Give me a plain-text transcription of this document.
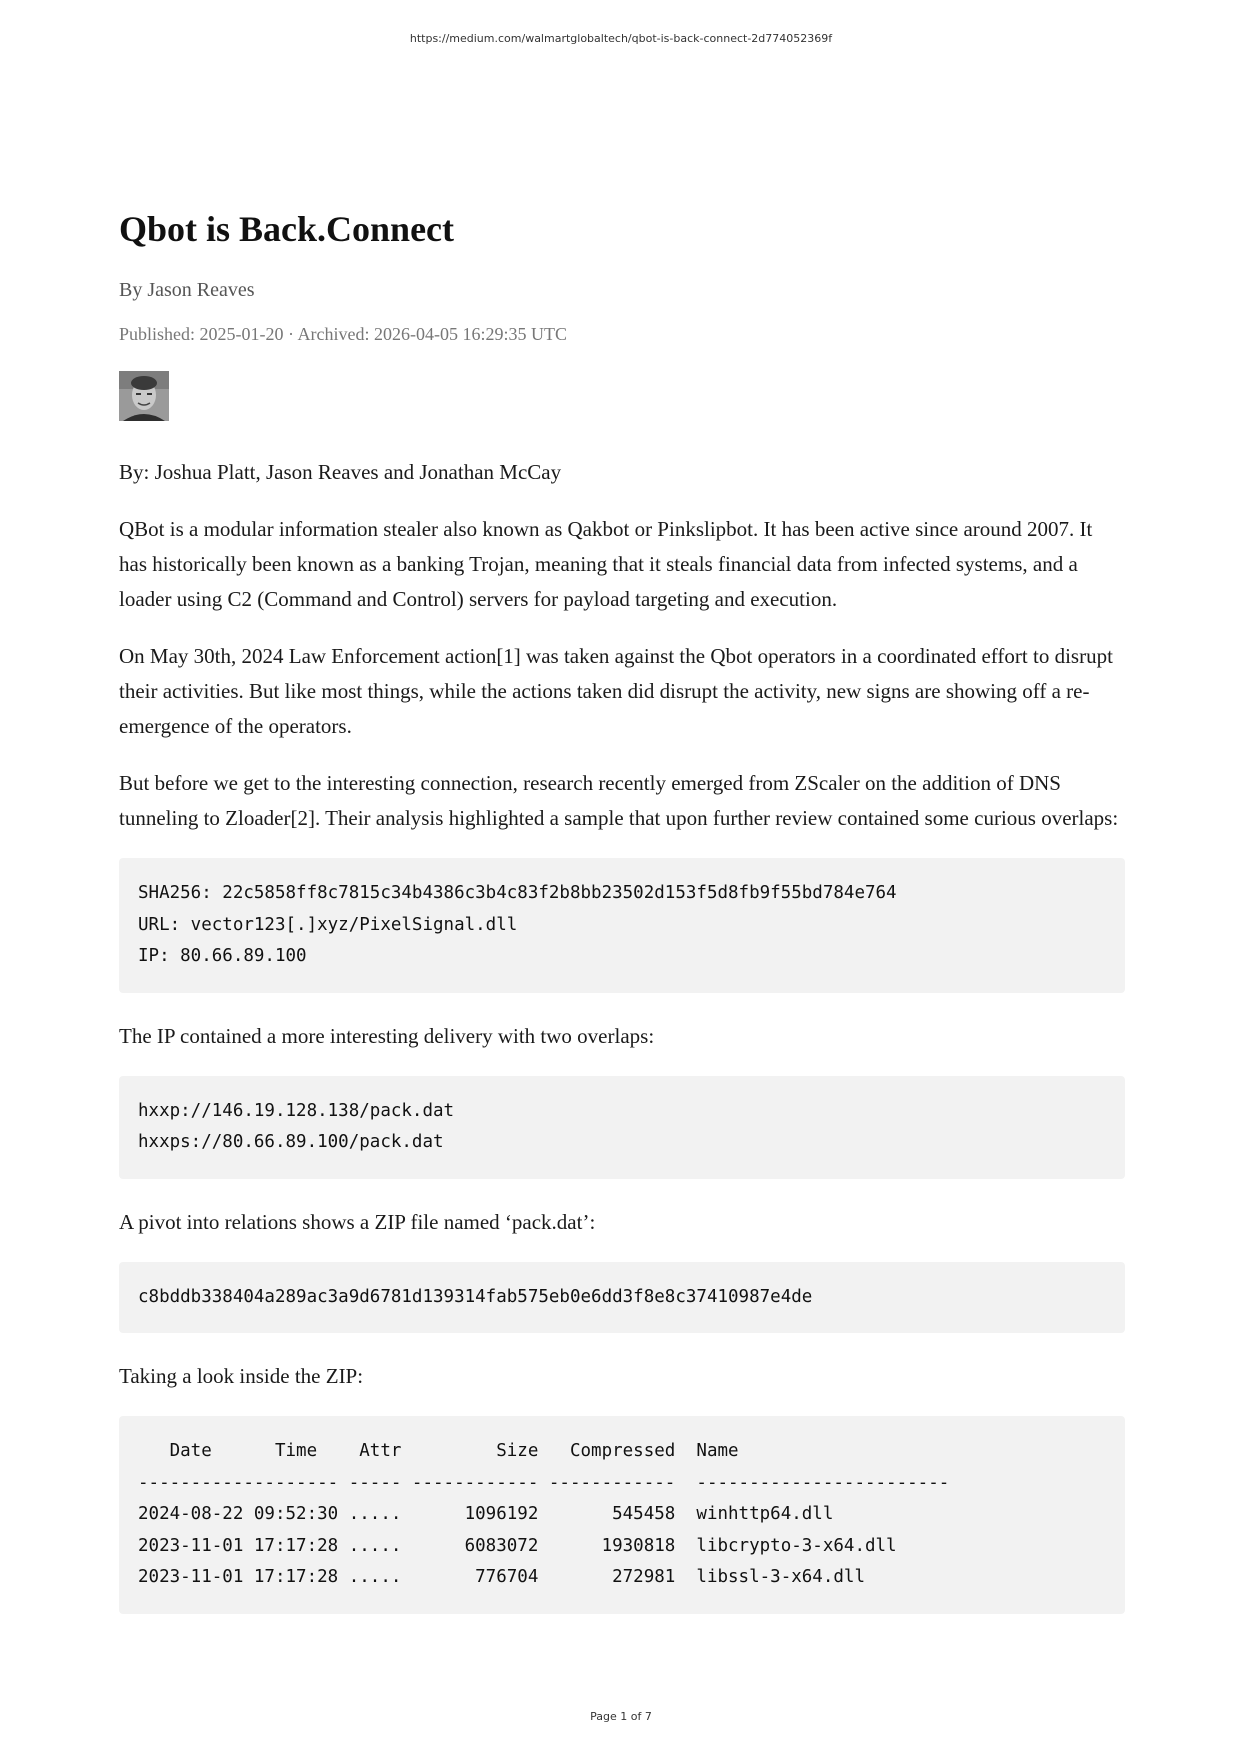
https://medium.com/walmartglobaltech/qbot-is-back-connect-2d774052369f
Qbot is Back.Connect
By Jason Reaves
Published: 2025-01-20 · Archived: 2026-04-05 16:29:35 UTC

By: Joshua Platt, Jason Reaves and Jonathan McCay

QBot is a modular information stealer also known as Qakbot or Pinkslipbot. It has been active since around 2007. It has historically been known as a banking Trojan, meaning that it steals financial data from infected systems, and a loader using C2 (Command and Control) servers for payload targeting and execution.

On May 30th, 2024 Law Enforcement action[1] was taken against the Qbot operators in a coordinated effort to disrupt their activities. But like most things, while the actions taken did disrupt the activity, new signs are showing off a re-emergence of the operators.

But before we get to the interesting connection, research recently emerged from ZScaler on the addition of DNS tunneling to Zloader[2]. Their analysis highlighted a sample that upon further review contained some curious overlaps:

SHA256: 22c5858ff8c7815c34b4386c3b4c83f2b8bb23502d153f5d8fb9f55bd784e764
URL: vector123[.]xyz/PixelSignal.dll
IP: 80.66.89.100

The IP contained a more interesting delivery with two overlaps:

hxxp://146.19.128.138/pack.dat
hxxps://80.66.89.100/pack.dat

A pivot into relations shows a ZIP file named ‘pack.dat’:

c8bddb338404a289ac3a9d6781d139314fab575eb0e6dd3f8e8c37410987e4de

Taking a look inside the ZIP:

Date      Time    Attr         Size   Compressed  Name
------------------- ----- ------------ ------------  ------------------------
2024-08-22 09:52:30 .....      1096192       545458  winhttp64.dll
2023-11-01 17:17:28 .....      6083072      1930818  libcrypto-3-x64.dll
2023-11-01 17:17:28 .....       776704       272981  libssl-3-x64.dll
Page 1 of 7
